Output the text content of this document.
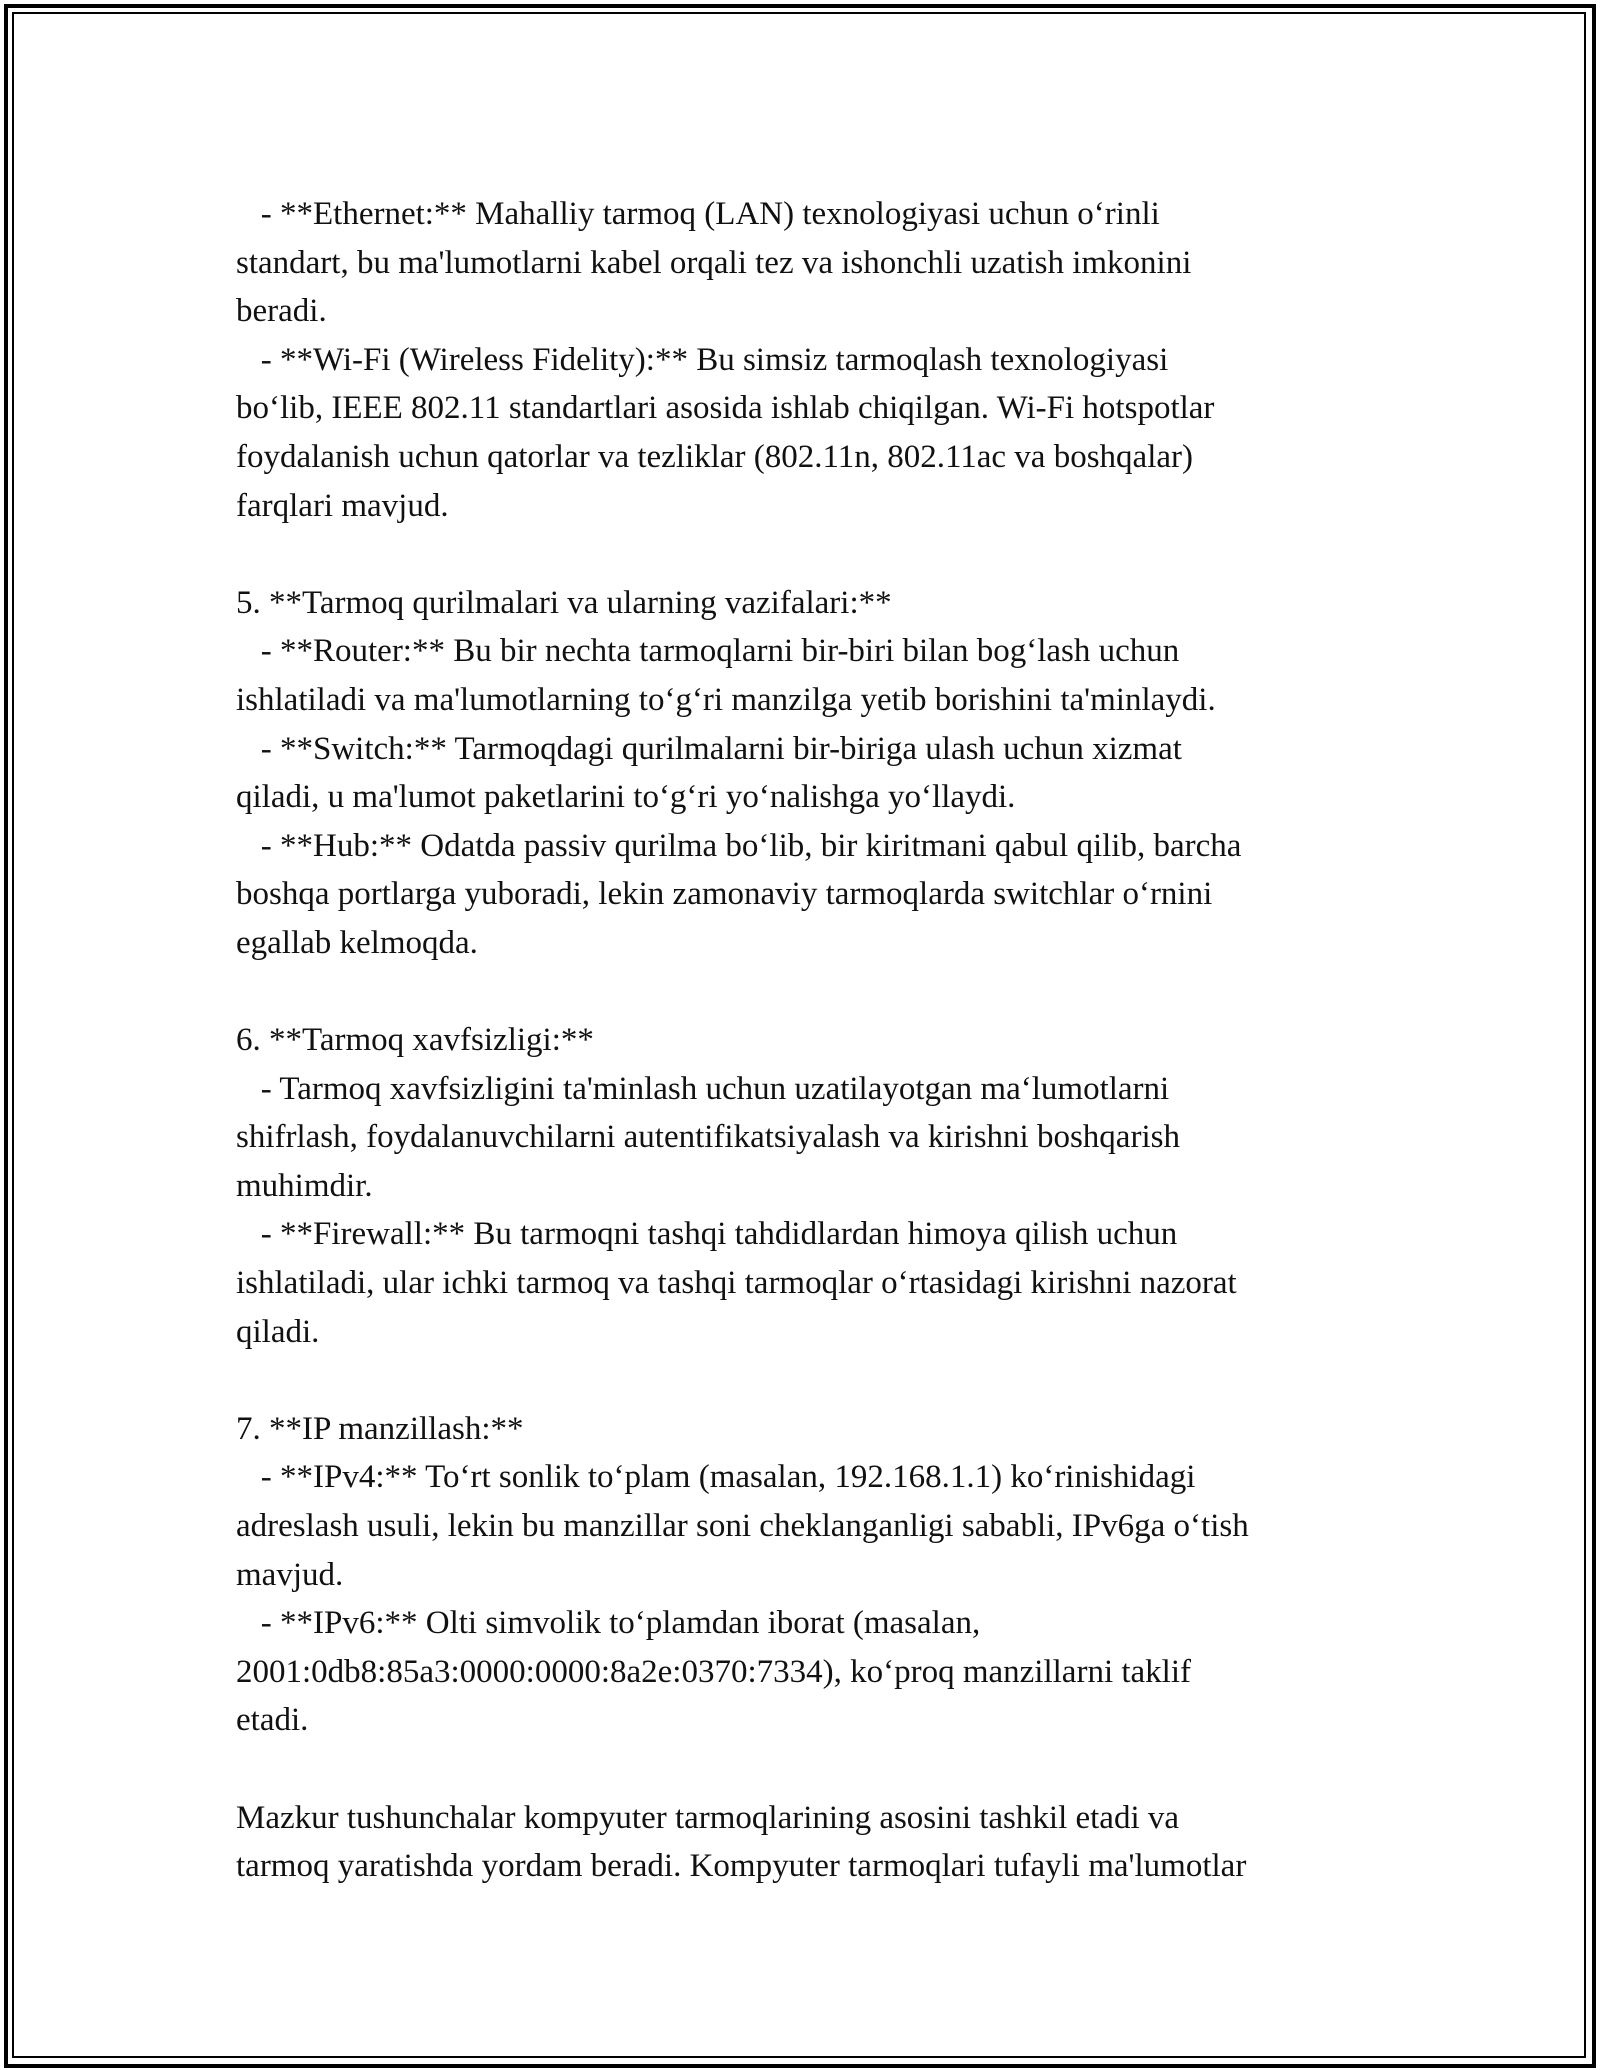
- **Ethernet:** Mahalliy tarmoq (LAN) texnologiyasi uchun o‘rinli
standart, bu ma'lumotlarni kabel orqali tez va ishonchli uzatish imkonini
beradi.
- **Wi-Fi (Wireless Fidelity):** Bu simsiz tarmoqlash texnologiyasi
bo‘lib, IEEE 802.11 standartlari asosida ishlab chiqilgan. Wi-Fi hotspotlar
foydalanish uchun qatorlar va tezliklar (802.11n, 802.11ac va boshqalar)
farqlari mavjud.
5. **Tarmoq qurilmalari va ularning vazifalari:**
- **Router:** Bu bir nechta tarmoqlarni bir-biri bilan bog‘lash uchun
ishlatiladi va ma'lumotlarning to‘g‘ri manzilga yetib borishini ta'minlaydi.
- **Switch:** Tarmoqdagi qurilmalarni bir-biriga ulash uchun xizmat
qiladi, u ma'lumot paketlarini to‘g‘ri yo‘nalishga yo‘llaydi.
- **Hub:** Odatda passiv qurilma bo‘lib, bir kiritmani qabul qilib, barcha
boshqa portlarga yuboradi, lekin zamonaviy tarmoqlarda switchlar o‘rnini
egallab kelmoqda.
6. **Tarmoq xavfsizligi:**
- Tarmoq xavfsizligini ta'minlash uchun uzatilayotgan ma‘lumotlarni
shifrlash, foydalanuvchilarni autentifikatsiyalash va kirishni boshqarish
muhimdir.
- **Firewall:** Bu tarmoqni tashqi tahdidlardan himoya qilish uchun
ishlatiladi, ular ichki tarmoq va tashqi tarmoqlar o‘rtasidagi kirishni nazorat
qiladi.
7. **IP manzillash:**
- **IPv4:** To‘rt sonlik to‘plam (masalan, 192.168.1.1) ko‘rinishidagi
adreslash usuli, lekin bu manzillar soni cheklanganligi sababli, IPv6ga o‘tish
mavjud.
- **IPv6:** Olti simvolik to‘plamdan iborat (masalan,
2001:0db8:85a3:0000:0000:8a2e:0370:7334), ko‘proq manzillarni taklif
etadi.
Mazkur tushunchalar kompyuter tarmoqlarining asosini tashkil etadi va
tarmoq yaratishda yordam beradi. Kompyuter tarmoqlari tufayli ma'lumotlar
